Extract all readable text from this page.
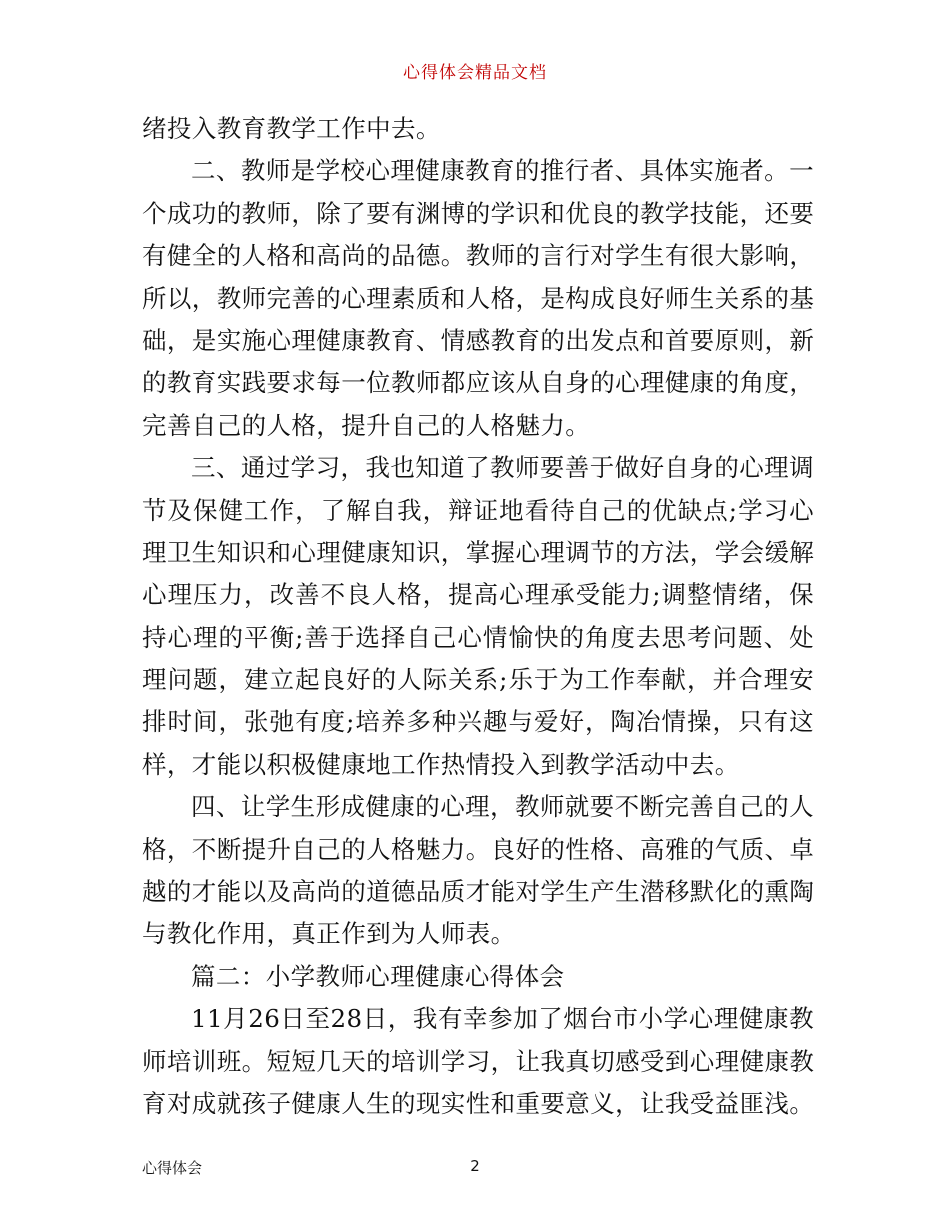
心得体会精品文档
绪投入教育教学工作中去。
二、教师是学校心理健康教育的推行者、具体实施者。一
个成功的教师，除了要有渊博的学识和优良的教学技能，还要
有健全的人格和高尚的品德。教师的言行对学生有很大影响，
所以，教师完善的心理素质和人格，是构成良好师生关系的基
础，是实施心理健康教育、情感教育的出发点和首要原则，新
的教育实践要求每一位教师都应该从自身的心理健康的角度，
完善自己的人格，提升自己的人格魅力。
三、通过学习，我也知道了教师要善于做好自身的心理调
节及保健工作，了解自我，辩证地看待自己的优缺点;学习心
理卫生知识和心理健康知识，掌握心理调节的方法，学会缓解
心理压力，改善不良人格，提高心理承受能力;调整情绪，保
持心理的平衡;善于选择自己心情愉快的角度去思考问题、处
理问题，建立起良好的人际关系;乐于为工作奉献，并合理安
排时间，张弛有度;培养多种兴趣与爱好，陶冶情操，只有这
样，才能以积极健康地工作热情投入到教学活动中去。
四、让学生形成健康的心理，教师就要不断完善自己的人
格，不断提升自己的人格魅力。良好的性格、高雅的气质、卓
越的才能以及高尚的道德品质才能对学生产生潜移默化的熏陶
与教化作用，真正作到为人师表。
篇二：小学教师心理健康心得体会
11月26日至28日，我有幸参加了烟台市小学心理健康教
师培训班。短短几天的培训学习，让我真切感受到心理健康教
育对成就孩子健康人生的现实性和重要意义，让我受益匪浅。
心得体会	2
